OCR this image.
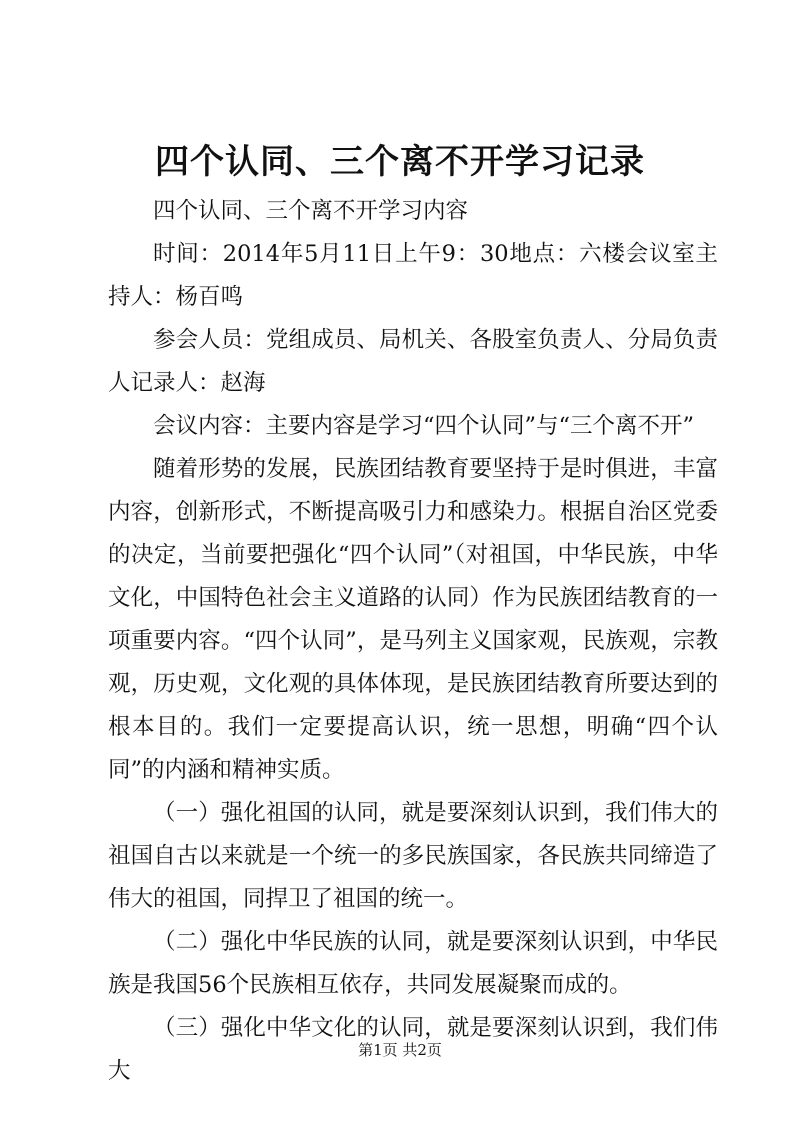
四个认同、三个离不开学习记录

四个认同、三个离不开学习内容

时间：2014年5月11日上午9：30地点：六楼会议室主持人：杨百鸣

参会人员：党组成员、局机关、各股室负责人、分局负责人记录人：赵海

会议内容：主要内容是学习“四个认同”与“三个离不开”

随着形势的发展，民族团结教育要坚持于是时俱进，丰富内容，创新形式，不断提高吸引力和感染力。根据自治区党委的决定，当前要把强化“四个认同”（对祖国，中华民族，中华文化，中国特色社会主义道路的认同）作为民族团结教育的一项重要内容。“四个认同”，是马列主义国家观，民族观，宗教观，历史观，文化观的具体体现，是民族团结教育所要达到的根本目的。我们一定要提高认识，统一思想，明确“四个认同”的内涵和精神实质。

（一）强化祖国的认同，就是要深刻认识到，我们伟大的祖国自古以来就是一个统一的多民族国家，各民族共同缔造了伟大的祖国，同捍卫了祖国的统一。

（二）强化中华民族的认同，就是要深刻认识到，中华民族是我国56个民族相互依存，共同发展凝聚而成的。

（三）强化中华文化的认同，就是要深刻认识到，我们伟大

第1页 共2页
